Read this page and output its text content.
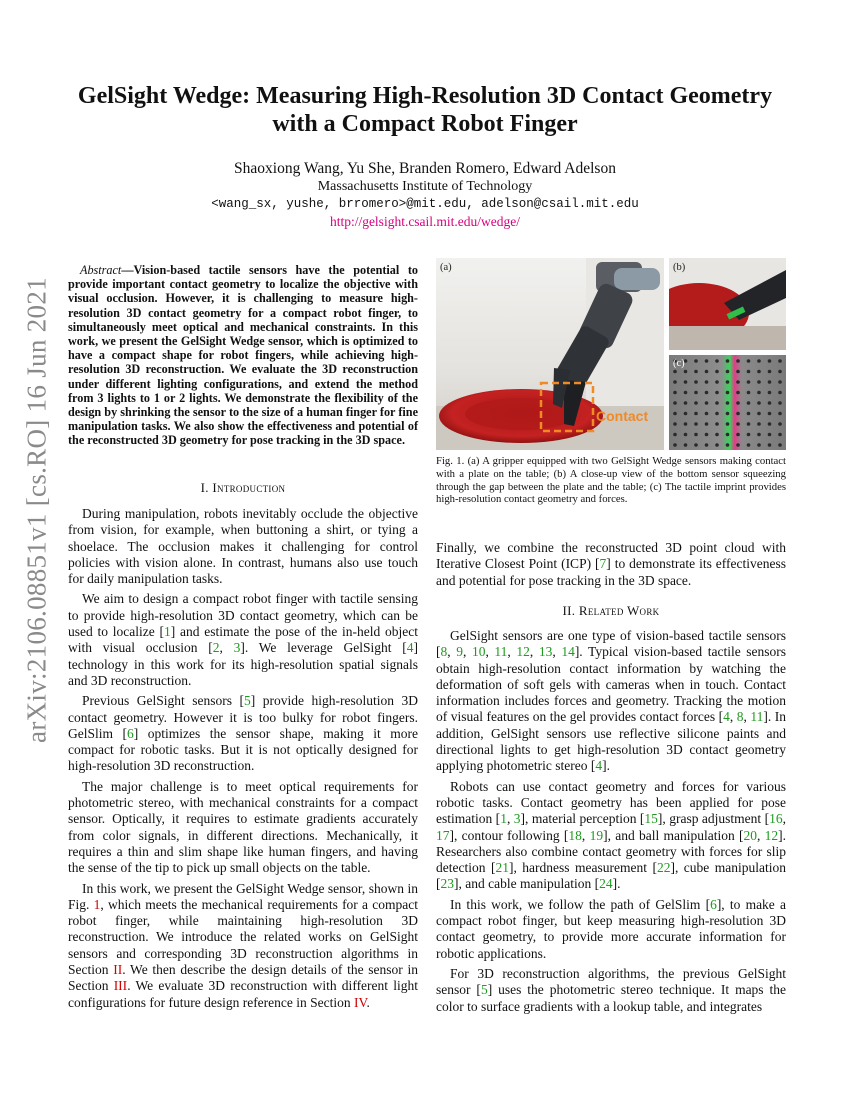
arXiv:2106.08851v1 [cs.RO] 16 Jun 2021
GelSight Wedge: Measuring High-Resolution 3D Contact Geometry
with a Compact Robot Finger
Shaoxiong Wang, Yu She, Branden Romero, Edward Adelson
Massachusetts Institute of Technology
<wang_sx, yushe, brromero>@mit.edu, adelson@csail.mit.edu
http://gelsight.csail.mit.edu/wedge/
Abstract—Vision-based tactile sensors have the potential to provide important contact geometry to localize the objective with visual occlusion. However, it is challenging to measure high-resolution 3D contact geometry for a compact robot finger, to simultaneously meet optical and mechanical constraints. In this work, we present the GelSight Wedge sensor, which is optimized to have a compact shape for robot fingers, while achieving high-resolution 3D reconstruction. We evaluate the 3D reconstruction under different lighting configurations, and extend the method from 3 lights to 1 or 2 lights. We demonstrate the flexibility of the design by shrinking the sensor to the size of a human finger for fine manipulation tasks. We also show the effectiveness and potential of the reconstructed 3D geometry for pose tracking in the 3D space.
I. Introduction

During manipulation, robots inevitably occlude the objective from vision, for example, when buttoning a shirt, or tying a shoelace. The occlusion makes it challenging for control policies with vision alone. In contrast, humans also use touch for daily manipulation tasks.

We aim to design a compact robot finger with tactile sensing to provide high-resolution 3D contact geometry, which can be used to localize [1] and estimate the pose of the in-held object with visual occlusion [2, 3]. We leverage GelSight [4] technology in this work for its high-resolution spatial signals and 3D reconstruction.

Previous GelSight sensors [5] provide high-resolution 3D contact geometry. However it is too bulky for robot fingers. GelSlim [6] optimizes the sensor shape, making it more compact for robotic tasks. But it is not optically designed for high-resolution 3D reconstruction.

The major challenge is to meet optical requirements for photometric stereo, with mechanical constraints for a compact sensor. Optically, it requires to estimate gradients accurately from color signals, in different directions. Mechanically, it requires a thin and slim shape like human fingers, and having the sense of the tip to pick up small objects on the table.

In this work, we present the GelSight Wedge sensor, shown in Fig. 1, which meets the mechanical requirements for a compact robot finger, while maintaining high-resolution 3D reconstruction. We introduce the related works on GelSight sensors and corresponding 3D reconstruction algorithms in Section II. We then describe the design details of the sensor in Section III. We evaluate 3D reconstruction with different light configurations for future design reference in Section IV.

Contact
(a)	(b)
(c)
Fig. 1. (a) A gripper equipped with two GelSight Wedge sensors making contact with a plate on the table; (b) A close-up view of the bottom sensor squeezing through the gap between the plate and the table; (c) The tactile imprint provides high-resolution contact geometry and forces.

Finally, we combine the reconstructed 3D point cloud with Iterative Closest Point (ICP) [7] to demonstrate its effectiveness and potential for pose tracking in the 3D space.

II. Related Work

GelSight sensors are one type of vision-based tactile sensors [8, 9, 10, 11, 12, 13, 14]. Typical vision-based tactile sensors obtain high-resolution contact information by watching the deformation of soft gels with cameras when in touch. Contact information includes forces and geometry. Tracking the motion of visual features on the gel provides contact forces [4, 8, 11]. In addition, GelSight sensors use reflective silicone paints and directional lights to get high-resolution 3D contact geometry applying photometric stereo [4].

Robots can use contact geometry and forces for various robotic tasks. Contact geometry has been applied for pose estimation [1, 3], material perception [15], grasp adjustment [16, 17], contour following [18, 19], and ball manipulation [20, 12]. Researchers also combine contact geometry with forces for slip detection [21], hardness measurement [22], cube manipulation [23], and cable manipulation [24].

In this work, we follow the path of GelSlim [6], to make a compact robot finger, but keep measuring high-resolution 3D contact geometry, to provide more accurate information for robotic applications.

For 3D reconstruction algorithms, the previous GelSight sensor [5] uses the photometric stereo technique. It maps the color to surface gradients with a lookup table, and integrates
